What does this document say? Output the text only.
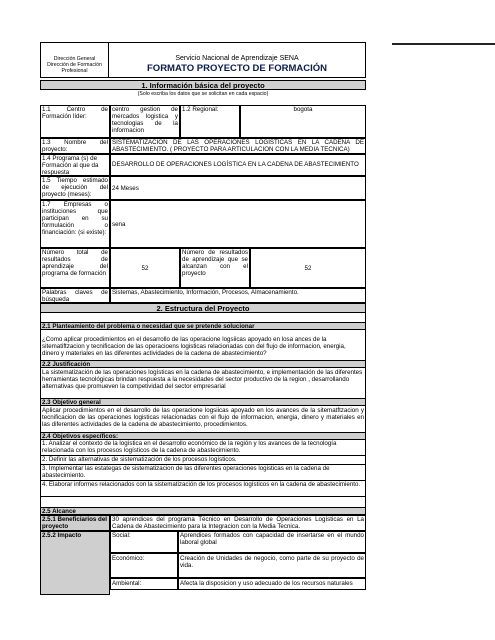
Dirección General
Dirección de Formación
Profesional
Servicio Nacional de Aprendizaje SENA
FORMATO PROYECTO DE FORMACIÓN
1. Información básica del proyecto
(Solo escriba los datos que se solicitan en cada espacio)
1.1 Centro de Formación líder:
centro gestion de mercados logistica y tecnologias de la informacion
1.2 Regional:	bogota
1.3 Nombre del proyecto:
SISTEMATIZACIÓN DE LAS OPERACIONES LOGÍSTICAS EN LA CADENA DE ABASTECIMIENTO. ( PROYECTO PARA ARTICULACION CON LA MEDIA TECNICA)
1.4 Programa (s) de Formación al que da respuesta
DESARROLLO DE OPERACIONES LOGÍSTICA EN LA CADENA DE ABASTECIMIENTO
1.5 Tiempo estimado de ejecución del proyecto (meses):
24 Meses
1.7 Empresas o instituciones que participan en su formulación o financiación: (si existe):
sena
Número total de resultados de aprendizaje del programa de formación
52
Número de resultados de aprendizaje que se alcanzan con el proyecto
52
Palabras claves de búsqueda
Sistemas, Abastecimiento, Información, Procesos, Almacenamiento.
2. Estructura del Proyecto
2.1 Planteamiento del problema o necesidad que se pretende solucionar
¿Como aplicar procedimientos en el desarrollo de las operacione logsiicas apoyado en losa ances de la sitematiftzacion y tecnificacion de las operacioens logisticas relacionadas con del flujo de informacion, energia, dinero y materiales en las diferentes actividades de la cadena de abastecimiento?
2.2 Justificación
La sistematización de las operaciones logísticas en la cadena de abastecimiento, e implementación de las diferentes herramientas tecnológicas brindan respuesta a la necesidades del sector productivo de la region , desarrollando alternativas que promueven la competividad del sector empresarial
2.3 Objetivo general
Aplicar procedimientos en el desarrollo de las operacione logsiicas apoyado en los avances de la sitematftzacion y tecnificacion de las operaciones logisticas relacionadas con el flujo de informacion, energia, dinero y materiales en las diferentes actividades de la cadena de abastecimiento, procedimientos.
2.4 Objetivos específicos:
1. Analizar el contexto de la logística en el desarrollo económico de la región y los avances de la tecnología relacionada con los procesos logísticos de la cadena de abastecimiento.
2. Definir las alternativas de sistematización de los procesos logísticos.
3. Implementar las estategas de sistematizacion de las diferentes operaciones logisticas en la cadena de abastecimiento.
4. Elaborar informes relacionados con la sistematización de los procesos logísticos en la cadena de abastecimiento.
2.5 Alcance
2.5.1 Beneficiarios del proyecto
30 aprendices del programa Técnico en Desarrollo de Operaciones Logísticas en La Cadena de Abastecimiento para la Integracion con la Media Tecnica.
2.5.2 Impacto	Social:	Aprendices formados con capacidad de insertarse en el mundo laboral global
Económico:	Creación de Unidades de negocio, como parte de su proyecto de vida.
Ambiental:	Afecta la disposicion y uso adecuado de los recursos naturales
